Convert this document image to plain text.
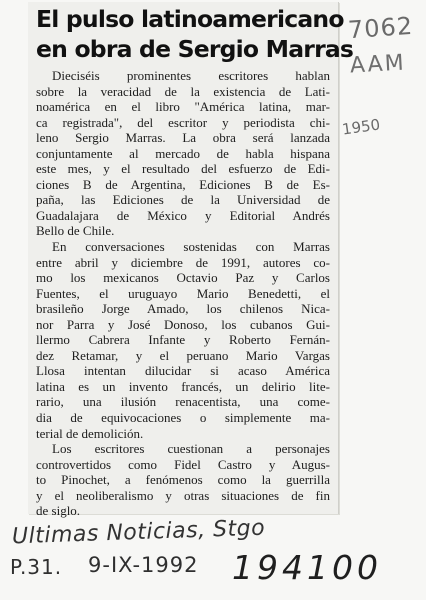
El pulso latinoamericano
en obra de Sergio Marras

Dieciséis prominentes escritores hablan
sobre la veracidad de la existencia de Lati-
noamérica en el libro "América latina, mar-
ca registrada", del escritor y periodista chi-
leno Sergio Marras. La obra será lanzada
conjuntamente al mercado de habla hispana
este mes, y el resultado del esfuerzo de Edi-
ciones B de Argentina, Ediciones B de Es-
paña, las Ediciones de la Universidad de
Guadalajara de México y Editorial Andrés
Bello de Chile.

En conversaciones sostenidas con Marras
entre abril y diciembre de 1991, autores co-
mo los mexicanos Octavio Paz y Carlos
Fuentes, el uruguayo Mario Benedetti, el
brasileño Jorge Amado, los chilenos Nica-
nor Parra y José Donoso, los cubanos Gui-
llermo Cabrera Infante y Roberto Fernán-
dez Retamar, y el peruano Mario Vargas
Llosa intentan dilucidar si acaso América
latina es un invento francés, un delirio lite-
rario, una ilusión renacentista, una come-
dia de equivocaciones o simplemente ma-
terial de demolición.

Los escritores cuestionan a personajes
controvertidos como Fidel Castro y Augus-
to Pinochet, a fenómenos como la guerrilla
y el neoliberalismo y otras situaciones de fin
de siglo.

7062
AAM
1950
Ultimas Noticias, Stgo
P.31. 9-IX-1992 194100
